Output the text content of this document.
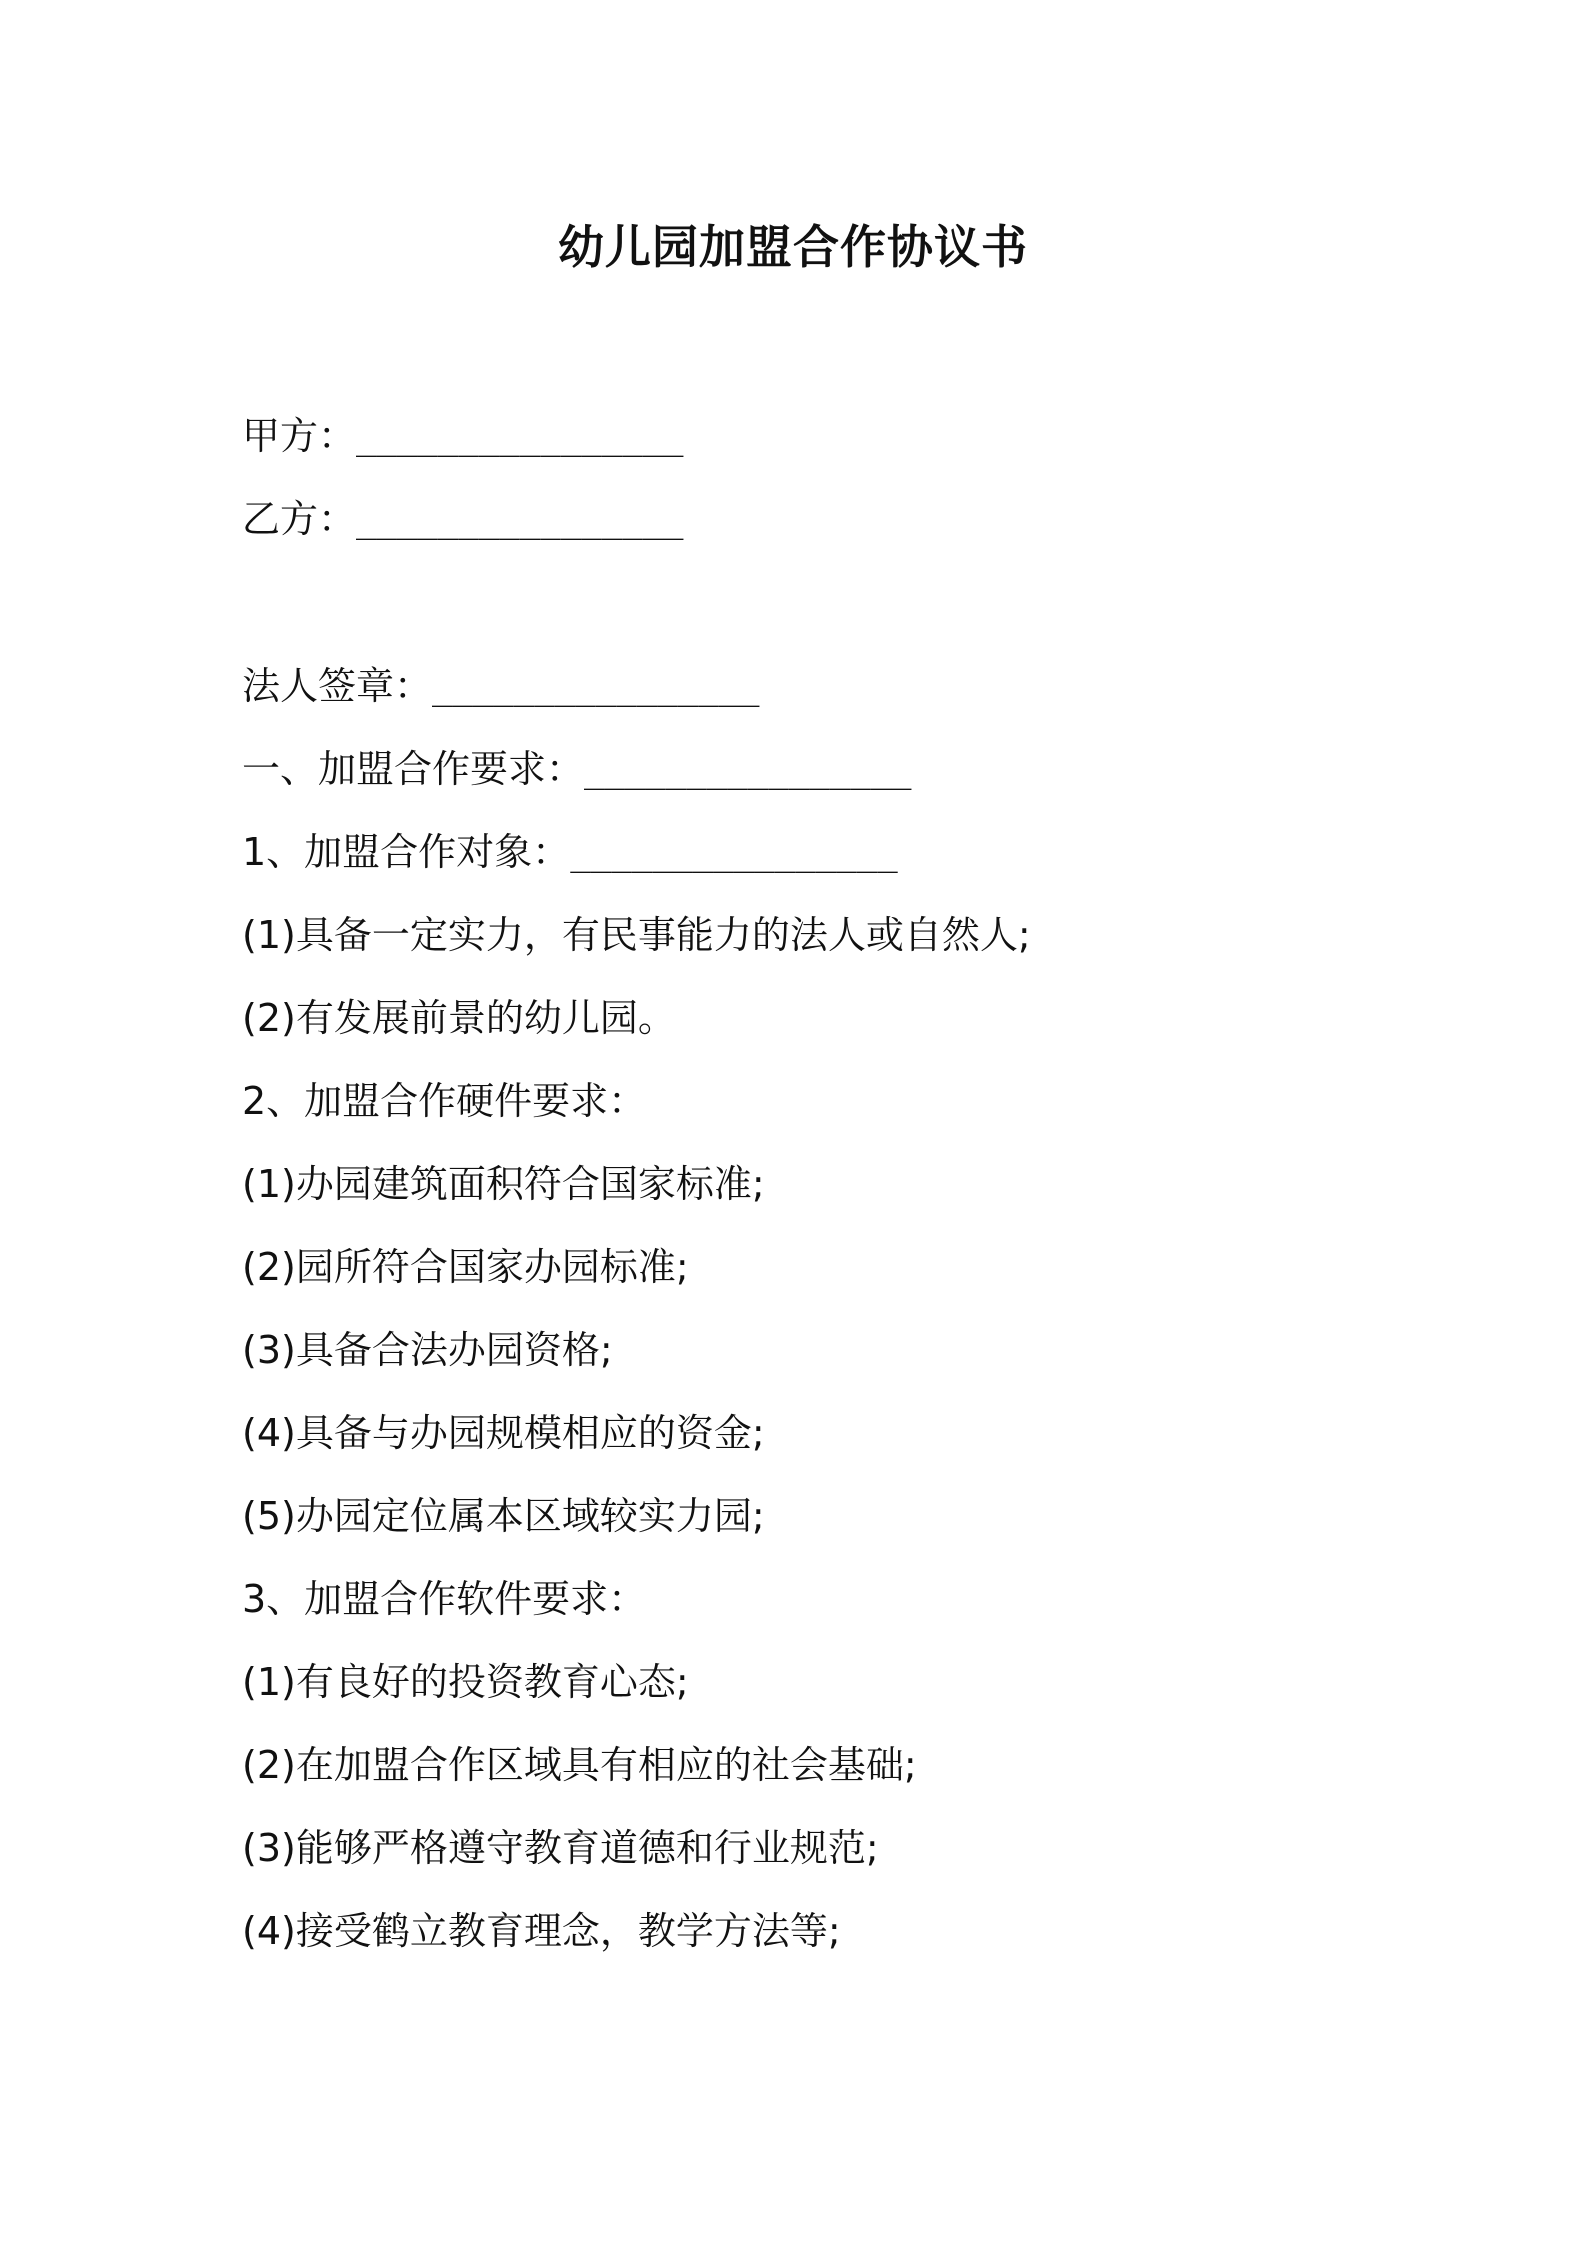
幼儿园加盟合作协议书
甲方：________________
乙方：________________
法人签章：________________
一、加盟合作要求：________________
1、加盟合作对象：________________
(1)具备一定实力，有民事能力的法人或自然人;
(2)有发展前景的幼儿园。
2、加盟合作硬件要求：
(1)办园建筑面积符合国家标准;
(2)园所符合国家办园标准;
(3)具备合法办园资格;
(4)具备与办园规模相应的资金;
(5)办园定位属本区域较实力园;
3、加盟合作软件要求：
(1)有良好的投资教育心态;
(2)在加盟合作区域具有相应的社会基础;
(3)能够严格遵守教育道德和行业规范;
(4)接受鹤立教育理念，教学方法等;
